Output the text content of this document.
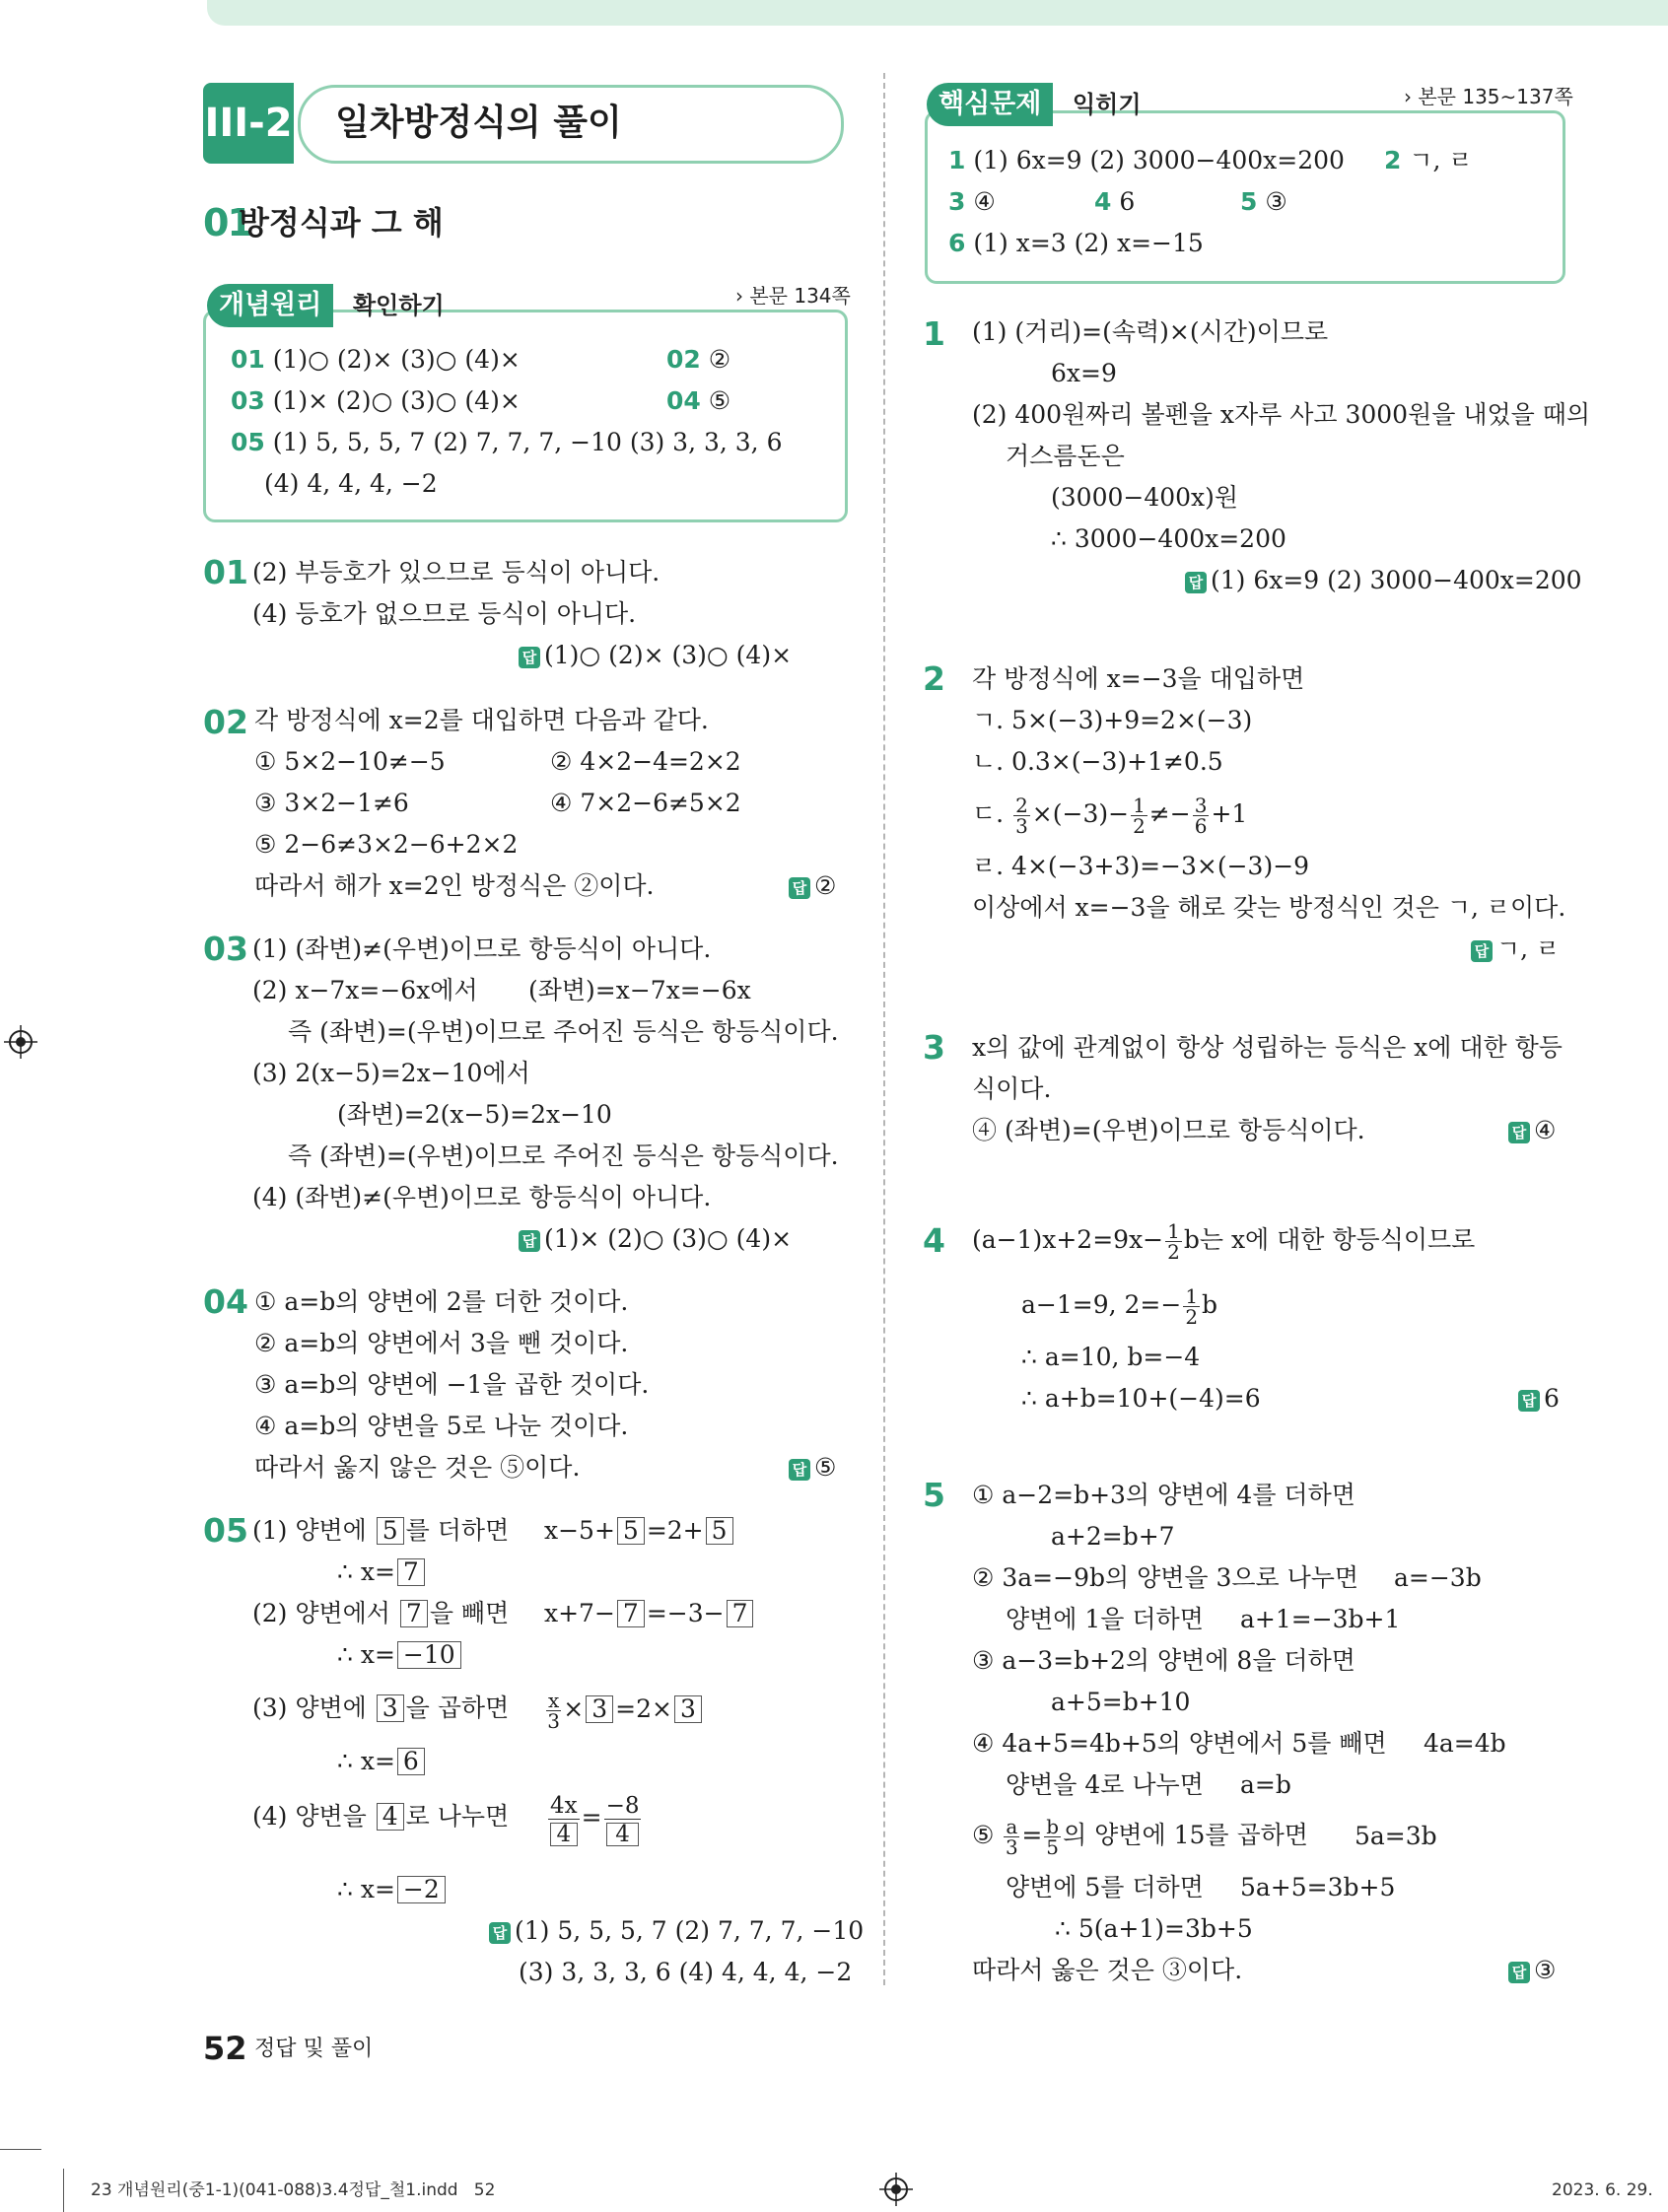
III-2 일차방정식의 풀이
01
방정식과 그 해
개념원리	확인하기	› 본문 134쪽
01 (1)○ (2)× (3)○ (4)×	02 ②
03 (1)× (2)○ (3)○ (4)×	04 ⑤
05 (1) 5, 5, 5, 7 (2) 7, 7, 7, −10 (3) 3, 3, 3, 6
(4) 4, 4, 4, −2
01 (2) 부등호가 있으므로 등식이 아니다.
(4) 등호가 없으므로 등식이 아니다.
답 (1)○ (2)× (3)○ (4)×
02 각 방정식에 x=2를 대입하면 다음과 같다.
① 5×2−10≠−5	② 4×2−4=2×2
③ 3×2−1≠6	④ 7×2−6≠5×2
⑤ 2−6≠3×2−6+2×2
따라서 해가 x=2인 방정식은 ②이다.	답 ②
03 (1) (좌변)≠(우변)이므로 항등식이 아니다.
(2) x−7x=−6x에서 (좌변)=x−7x=−6x
즉 (좌변)=(우변)이므로 주어진 등식은 항등식이다.
(3) 2(x−5)=2x−10에서
(좌변)=2(x−5)=2x−10
즉 (좌변)=(우변)이므로 주어진 등식은 항등식이다.
(4) (좌변)≠(우변)이므로 항등식이 아니다.
답 (1)× (2)○ (3)○ (4)×
04 ① a=b의 양변에 2를 더한 것이다.
② a=b의 양변에서 3을 뺀 것이다.
③ a=b의 양변에 −1을 곱한 것이다.
④ a=b의 양변을 5로 나눈 것이다.
따라서 옳지 않은 것은 ⑤이다.	답 ⑤
05 (1) 양변에 5 를 더하면 x−5+ 5 =2+ 5
∴ x= 7
(2) 양변에서 7 을 빼면 x+7− 7 =−3− 7
∴ x= −10
(3) 양변에 3 을 곱하면 $\frac{x}{3} \times 3 =2\times 3$
∴ x= 6
(4) 양변을 4 로 나누면 $\frac{4x}{4} = \frac{-8}{4}$
∴ x= −2
답 (1) 5, 5, 5, 7 (2) 7, 7, 7, −10
(3) 3, 3, 3, 6 (4) 4, 4, 4, −2
핵심문제	익히기	› 본문 135∼137쪽
1 (1) 6x=9 (2) 3000−400x=200 2 ㄱ, ㄹ
3 ④	4 6	5 ③
6 (1) x=3 (2) x=−15
1 (1) (거리)=(속력)×(시간)이므로
6x=9
(2) 400원짜리 볼펜을 x자루 사고 3000원을 내었을 때의
거스름돈은
(3000−400x)원
∴ 3000−400x=200
답 (1) 6x=9 (2) 3000−400x=200
2 각 방정식에 x=−3을 대입하면
ㄱ. 5×(−3)+9=2×(−3)
ㄴ. 0.3×(−3)+1≠0.5
ㄷ. $\frac{2}{3} \times(-3)- \frac{1}{2} \ne- \frac{3}{6} +1$
ㄹ. 4×(−3+3)=−3×(−3)−9
이상에서 x=−3을 해로 갖는 방정식인 것은 ㄱ, ㄹ이다.
답 ㄱ, ㄹ
3 x의 값에 관계없이 항상 성립하는 등식은 x에 대한 항등
식이다.
④ (좌변)=(우변)이므로 항등식이다.	답 ④
4 $(a-1)x+2=9x- \frac{1}{2}$ b는 x에 대한 항등식이므로
a−1=9, $2=- \frac{1}{2}$ b
∴ a=10, b=−4
∴ a+b=10+(−4)=6	답 6
5 ① a−2=b+3의 양변에 4를 더하면
a+2=b+7
② 3a=−9b의 양변을 3으로 나누면 a=−3b
양변에 1을 더하면 a+1=−3b+1
③ a−3=b+2의 양변에 8을 더하면
a+5=b+10
④ 4a+5=4b+5의 양변에서 5를 빼면 4a=4b
양변을 4로 나누면 a=b
⑤ $\frac{a}{3} = \frac{b}{5}$ 의 양변에 15를 곱하면 5a=3b
양변에 5를 더하면 5a+5=3b+5
∴ 5(a+1)=3b+5
따라서 옳은 것은 ③이다.	답 ③
52 정답 및 풀이
23 개념원리(중1-1)(041-088)3.4정답_철1.indd   52	2023. 6. 29.
